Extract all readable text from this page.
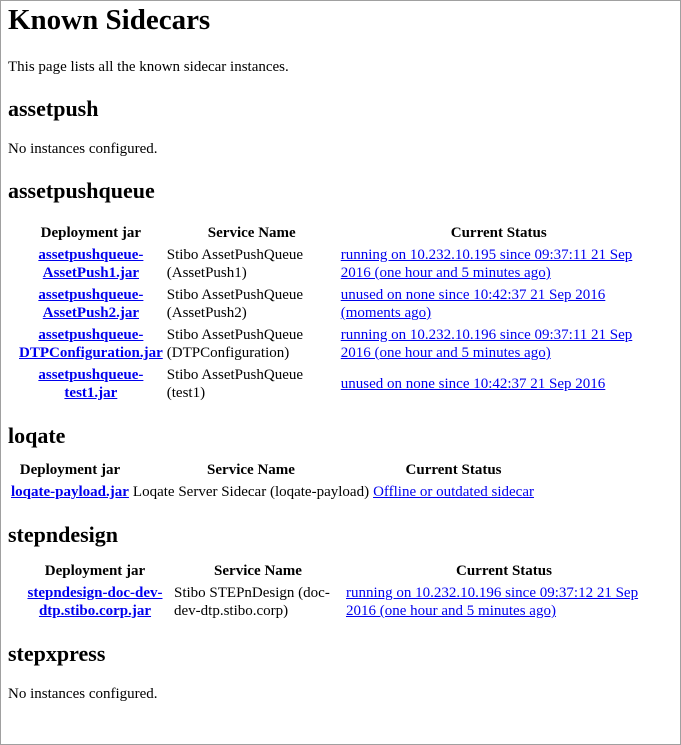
Known Sidecars

This page lists all the known sidecar instances.

assetpush

No instances configured.

assetpushqueue
Deployment jar	Service Name	Current Status
assetpushqueue-AssetPush1.jar	Stibo AssetPushQueue (AssetPush1)	running on 10.232.10.195 since 09:37:11 21 Sep 2016 (one hour and 5 minutes ago)
assetpushqueue-AssetPush2.jar	Stibo AssetPushQueue (AssetPush2)	unused on none since 10:42:37 21 Sep 2016 (moments ago)
assetpushqueue-DTPConfiguration.jar	Stibo AssetPushQueue (DTPConfiguration)	running on 10.232.10.196 since 09:37:11 21 Sep 2016 (one hour and 5 minutes ago)
assetpushqueue-test1.jar	Stibo AssetPushQueue (test1)	unused on none since 10:42:37 21 Sep 2016
loqate
Deployment jar	Service Name	Current Status
loqate-payload.jar	Loqate Server Sidecar (loqate-payload)	Offline or outdated sidecar
stepndesign
Deployment jar	Service Name	Current Status
stepndesign-doc-dev-dtp.stibo.corp.jar	Stibo STEPnDesign (doc-dev-dtp.stibo.corp)	running on 10.232.10.196 since 09:37:12 21 Sep 2016 (one hour and 5 minutes ago)
stepxpress

No instances configured.
